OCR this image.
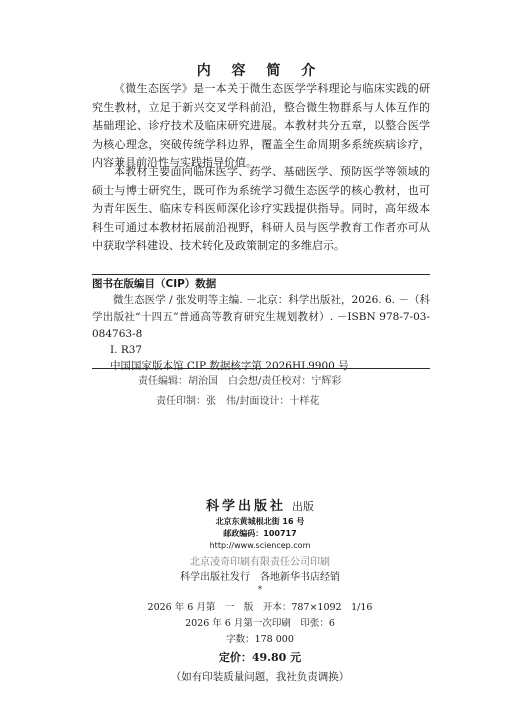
内 容 简 介
《微生态医学》是一本关于微生态医学学科理论与临床实践的研究生教材，立足于新兴交叉学科前沿，整合微生物群系与人体互作的基础理论、诊疗技术及临床研究进展。本教材共分五章，以整合医学为核心理念，突破传统学科边界，覆盖全生命周期多系统疾病诊疗，内容兼具前沿性与实践指导价值。
本教材主要面向临床医学、药学、基础医学、预防医学等领域的硕士与博士研究生，既可作为系统学习微生态医学的核心教材，也可为青年医生、临床专科医师深化诊疗实践提供指导。同时，高年级本科生可通过本教材拓展前沿视野，科研人员与医学教育工作者亦可从中获取学科建设、技术转化及政策制定的多维启示。
图书在版编目（CIP）数据
微生态医学 / 张发明等主编. －北京：科学出版社，2026. 6. －（科学出版社“十四五”普通高等教育研究生规划教材）. －ISBN 978-7-03-084763-8
Ⅰ. R37
中国国家版本馆 CIP 数据核字第 2026HL9900 号
责任编辑：胡治国　白会想/责任校对：宁辉彩
责任印制：张　伟/封面设计：十样花
科学出版社 出版
北京东黄城根北街 16 号
邮政编码：100717
http://www.sciencep.com
北京凌奇印刷有限责任公司印刷
科学出版社发行　各地新华书店经销
*
2026 年 6 月第　一　版　开本：787×1092　1/16
2026 年 6 月第一次印刷　印张：6
字数：178 000
定价：49.80 元
（如有印装质量问题，我社负责调换）
